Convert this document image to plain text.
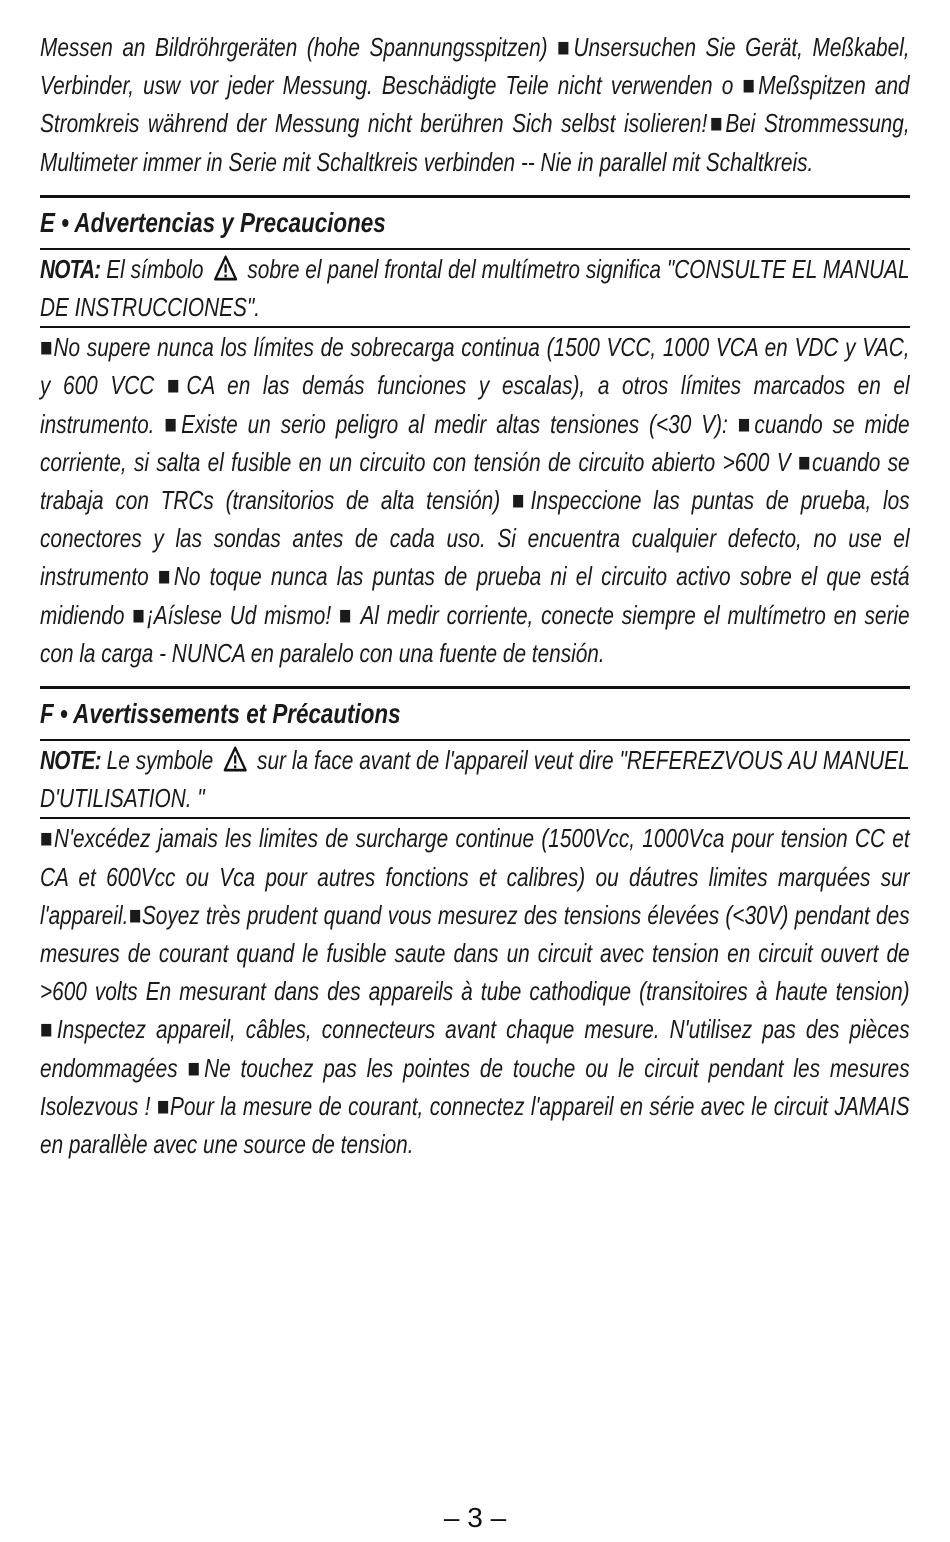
Messen an Bildröhrgeräten (hohe Spannungsspitzen) ■Unsersuchen Sie Gerät, Meßkabel, Verbinder, usw vor jeder Messung. Beschädigte Teile nicht verwenden o ■Meßspitzen and Stromkreis während der Messung nicht berühren Sich selbst isolieren!■Bei Strommessung, Multimeter immer in Serie mit Schaltkreis verbinden -- Nie in parallel mit Schaltkreis.

E • Advertencias y Precauciones

NOTA: El símbolo  sobre el panel frontal del multímetro significa "CONSULTE EL MANUAL DE INSTRUCCIONES".

■No supere nunca los límites de sobrecarga continua (1500 VCC, 1000 VCA en VDC y VAC, y 600 VCC ■CA en las demás funciones y escalas), a otros límites marcados en el instrumento. ■Existe un serio peligro al medir altas tensiones (<30 V): ■cuando se mide corriente, si salta el fusible en un circuito con tensión de circuito abierto >600 V ■cuando se trabaja con TRCs (transitorios de alta tensión) ■Inspeccione las puntas de prueba, los conectores y las sondas antes de cada uso. Si encuentra cualquier defecto, no use el instrumento ■No toque nunca las puntas de prueba ni el circuito activo sobre el que está midiendo ■¡Aíslese Ud mismo! ■ Al medir corriente, conecte siempre el multímetro en serie con la carga - NUNCA en paralelo con una fuente de tensión.

F • Avertissements et Précautions

NOTE: Le symbole  sur la face avant de l'appareil veut dire "REFEREZVOUS AU MANUEL D'UTILISATION. "

■N'excédez jamais les limites de surcharge continue (1500Vcc, 1000Vca pour tension CC et CA et 600Vcc ou Vca pour autres fonctions et calibres) ou dáutres limites marquées sur l'appareil.■Soyez très prudent quand vous mesurez des tensions élevées (<30V) pendant des mesures de courant quand le fusible saute dans un circuit avec tension en circuit ouvert de >600 volts En mesurant dans des appareils à tube cathodique (transitoires à haute tension) ■Inspectez appareil, câbles, connecteurs avant chaque mesure. N'utilisez pas des pièces endommagées ■Ne touchez pas les pointes de touche ou le circuit pendant les mesures Isolezvous ! ■Pour la mesure de courant, connectez l'appareil en série avec le circuit JAMAIS en parallèle avec une source de tension.

– 3 –
